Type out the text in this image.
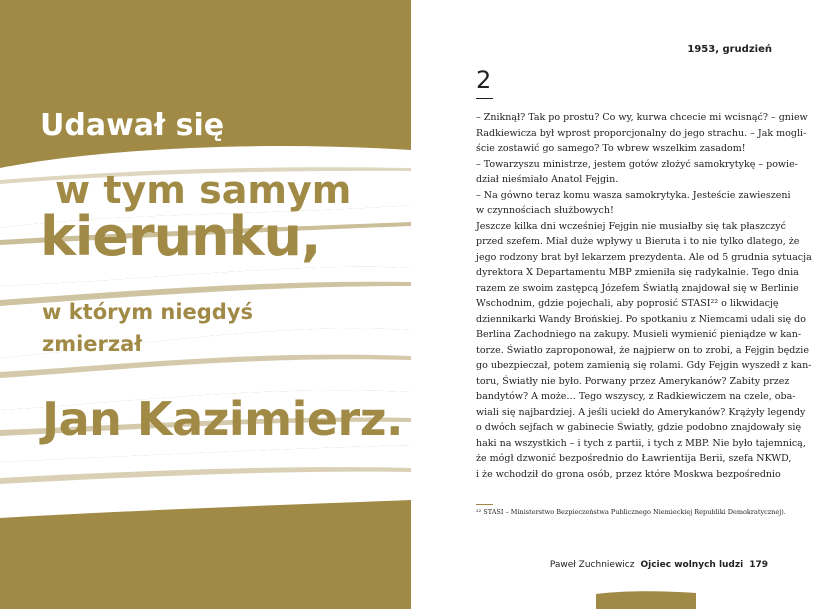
Udawał się
w tym samym
kierunku,
w którym niegdyś
zmierzał
Jan Kazimierz.
1953, grudzień
2
– Zniknął? Tak po prostu? Co wy, kurwa chcecie mi wcisnąć? – gniew
Radkiewicza był wprost proporcjonalny do jego strachu. – Jak mogli-
ście zostawić go samego? To wbrew wszelkim zasadom!
– Towarzyszu ministrze, jestem gotów złożyć samokrytykę – powie-
dział nieśmiało Anatol Fejgin.
– Na gówno teraz komu wasza samokrytyka. Jesteście zawieszeni
w czynnościach służbowych!
Jeszcze kilka dni wcześniej Fejgin nie musiałby się tak płaszczyć
przed szefem. Miał duże wpływy u Bieruta i to nie tylko dlatego, że
jego rodzony brat był lekarzem prezydenta. Ale od 5 grudnia sytuacja
dyrektora X Departamentu MBP zmieniła się radykalnie. Tego dnia
razem ze swoim zastępcą Józefem Światłą znajdował się w Berlinie
Wschodnim, gdzie pojechali, aby poprosić STASI²² o likwidację
dziennikarki Wandy Brońskiej. Po spotkaniu z Niemcami udali się do
Berlina Zachodniego na zakupy. Musieli wymienić pieniądze w kan-
torze. Światło zaproponował, że najpierw on to zrobi, a Fejgin będzie
go ubezpieczał, potem zamienią się rolami. Gdy Fejgin wyszedł z kan-
toru, Światły nie było. Porwany przez Amerykanów? Zabity przez
bandytów? A może… Tego wszyscy, z Radkiewiczem na czele, oba-
wiali się najbardziej. A jeśli uciekł do Amerykanów? Krążyły legendy
o dwóch sejfach w gabinecie Światły, gdzie podobno znajdowały się
haki na wszystkich – i tych z partii, i tych z MBP. Nie było tajemnicą,
że mógł dzwonić bezpośrednio do Ławrientija Berii, szefa NKWD,
i że wchodził do grona osób, przez które Moskwa bezpośrednio
²² STASI – Ministerstwo Bezpieczeństwa Publicznego Niemieckiej Republiki Demokratycznej).
Paweł Zuchniewicz Ojciec wolnych ludzi 179
